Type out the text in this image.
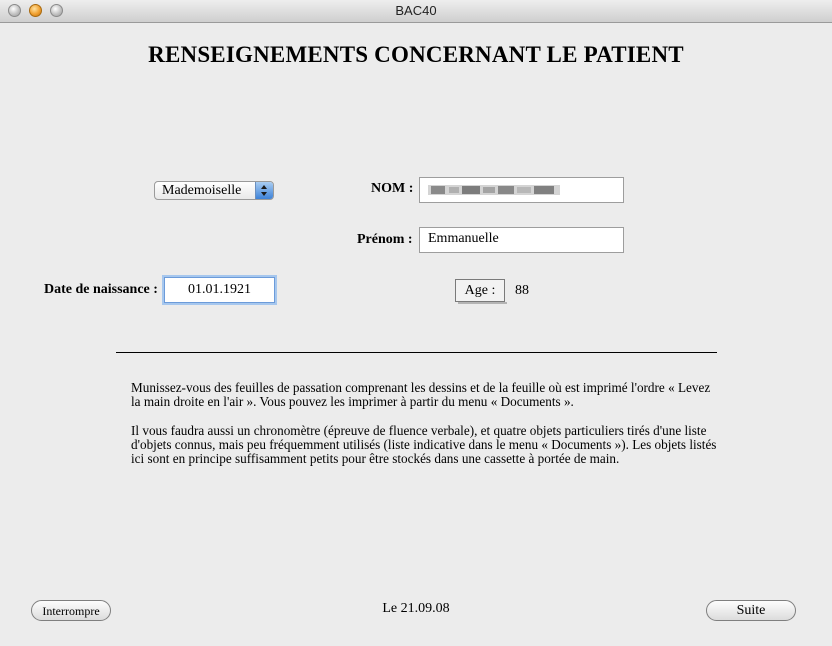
BAC40
RENSEIGNEMENTS CONCERNANT LE PATIENT
Mademoiselle	NOM :
Prénom :	Emmanuelle
Date de naissance :	01.01.1921	Age :	88
Munissez-vous des feuilles de passation comprenant les dessins et de la feuille où est imprimé l'ordre « Levez la main droite en l'air ». Vous pouvez les imprimer à partir du menu « Documents ».
Il vous faudra aussi un chronomètre (épreuve de fluence verbale), et quatre objets particuliers tirés d'une liste d'objets connus, mais peu fréquemment utilisés (liste indicative dans le menu « Documents »). Les objets listés ici sont en principe suffisamment petits pour être stockés dans une cassette à portée de main.
Interrompre	Le 21.09.08	Suite
